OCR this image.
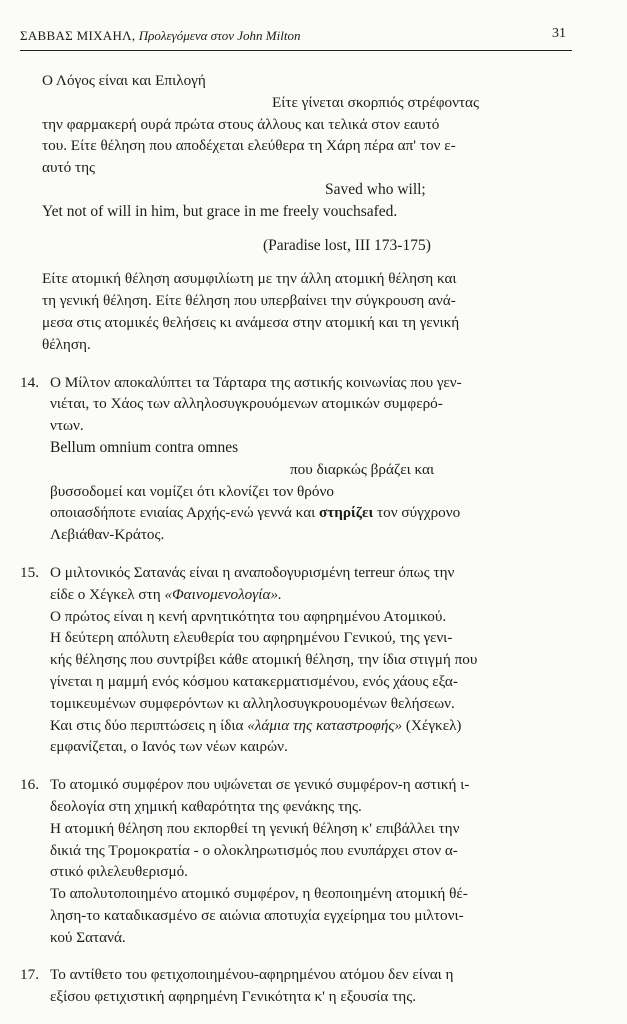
ΣΑΒΒΑΣ ΜΙΧΑΗΛ, Προλεγόμενα στον John Milton	31
Ο Λόγος είναι και Επιλογή
Είτε γίνεται σκορπιός στρέφοντας
την φαρμακερή ουρά πρώτα στους άλλους και τελικά στον εαυτό
του. Είτε θέληση που αποδέχεται ελεύθερα τη Χάρη πέρα απ' τον ε-
αυτό της
Saved who will;
Yet not of will in him, but grace in me freely vouchsafed.
(Paradise lost, III 173-175)
Είτε ατομική θέληση ασυμφιλίωτη με την άλλη ατομική θέληση και
τη γενική θέληση. Είτε θέληση που υπερβαίνει την σύγκρουση ανά-
μεσα στις ατομικές θελήσεις κι ανάμεσα στην ατομική και τη γενική
θέληση.
14. Ο Μίλτον αποκαλύπτει τα Τάρταρα της αστικής κοινωνίας που γεν-
νιέται, το Χάος των αλληλοσυγκρουόμενων ατομικών συμφερό-
ντων.
Bellum omnium contra omnes
που διαρκώς βράζει και
βυσσοδομεί και νομίζει ότι κλονίζει τον θρόνο
οποιασδήποτε ενιαίας Αρχής-ενώ γεννά και στηρίζει τον σύγχρονο
Λεβιάθαν-Κράτος.
15. Ο μιλτονικός Σατανάς είναι η αναποδογυρισμένη terreur όπως την
είδε ο Χέγκελ στη «Φαινομενολογία».
Ο πρώτος είναι η κενή αρνητικότητα του αφηρημένου Ατομικού.
Η δεύτερη απόλυτη ελευθερία του αφηρημένου Γενικού, της γενι-
κής θέλησης που συντρίβει κάθε ατομική θέληση, την ίδια στιγμή που
γίνεται η μαμμή ενός κόσμου κατακερματισμένου, ενός χάους εξα-
τομικευμένων συμφερόντων κι αλληλοσυγκρουομένων θελήσεων.
Και στις δύο περιπτώσεις η ίδια «λάμια της καταστροφής» (Χέγκελ)
εμφανίζεται, ο Ιανός των νέων καιρών.
16. Το ατομικό συμφέρον που υψώνεται σε γενικό συμφέρον-η αστική ι-
δεολογία στη χημική καθαρότητα της φενάκης της.
Η ατομική θέληση που εκπορθεί τη γενική θέληση κ' επιβάλλει την
δικιά της Τρομοκρατία - ο ολοκληρωτισμός που ενυπάρχει στον α-
στικό φιλελευθερισμό.
Το απολυτοποιημένο ατομικό συμφέρον, η θεοποιημένη ατομική θέ-
ληση-το καταδικασμένο σε αιώνια αποτυχία εγχείρημα του μιλτονι-
κού Σατανά.
17. Το αντίθετο του φετιχοποιημένου-αφηρημένου ατόμου δεν είναι η
εξίσου φετιχιστική αφηρημένη Γενικότητα κ' η εξουσία της.
